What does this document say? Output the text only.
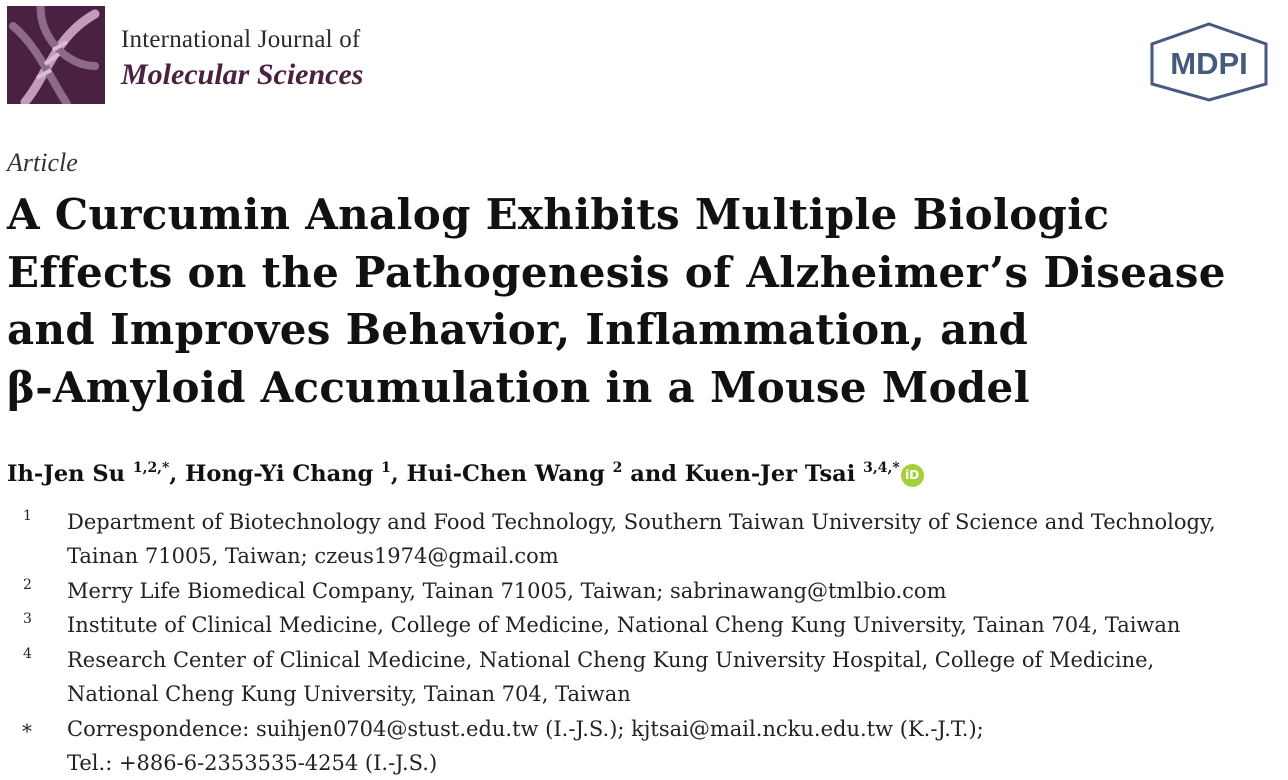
International Journal of
Molecular Sciences	MDPI
Article
A Curcumin Analog Exhibits Multiple Biologic
Effects on the Pathogenesis of Alzheimer’s Disease
and Improves Behavior, Inflammation, and
β-Amyloid Accumulation in a Mouse Model
Ih-Jen Su $^{1,2,*}$, Hong-Yi Chang $^1$, Hui-Chen Wang $^2$ and Kuen-Jer Tsai $^{3,4,*}$ iD
1 Department of Biotechnology and Food Technology, Southern Taiwan University of Science and Technology,
Tainan 71005, Taiwan; czeus1974@gmail.com
2 Merry Life Biomedical Company, Tainan 71005, Taiwan; sabrinawang@tmlbio.com
3 Institute of Clinical Medicine, College of Medicine, National Cheng Kung University, Tainan 704, Taiwan
4 Research Center of Clinical Medicine, National Cheng Kung University Hospital, College of Medicine,
National Cheng Kung University, Tainan 704, Taiwan
* Correspondence: suihjen0704@stust.edu.tw (I.-J.S.); kjtsai@mail.ncku.edu.tw (K.-J.T.);
Tel.: +886-6-2353535-4254 (I.-J.S.)
